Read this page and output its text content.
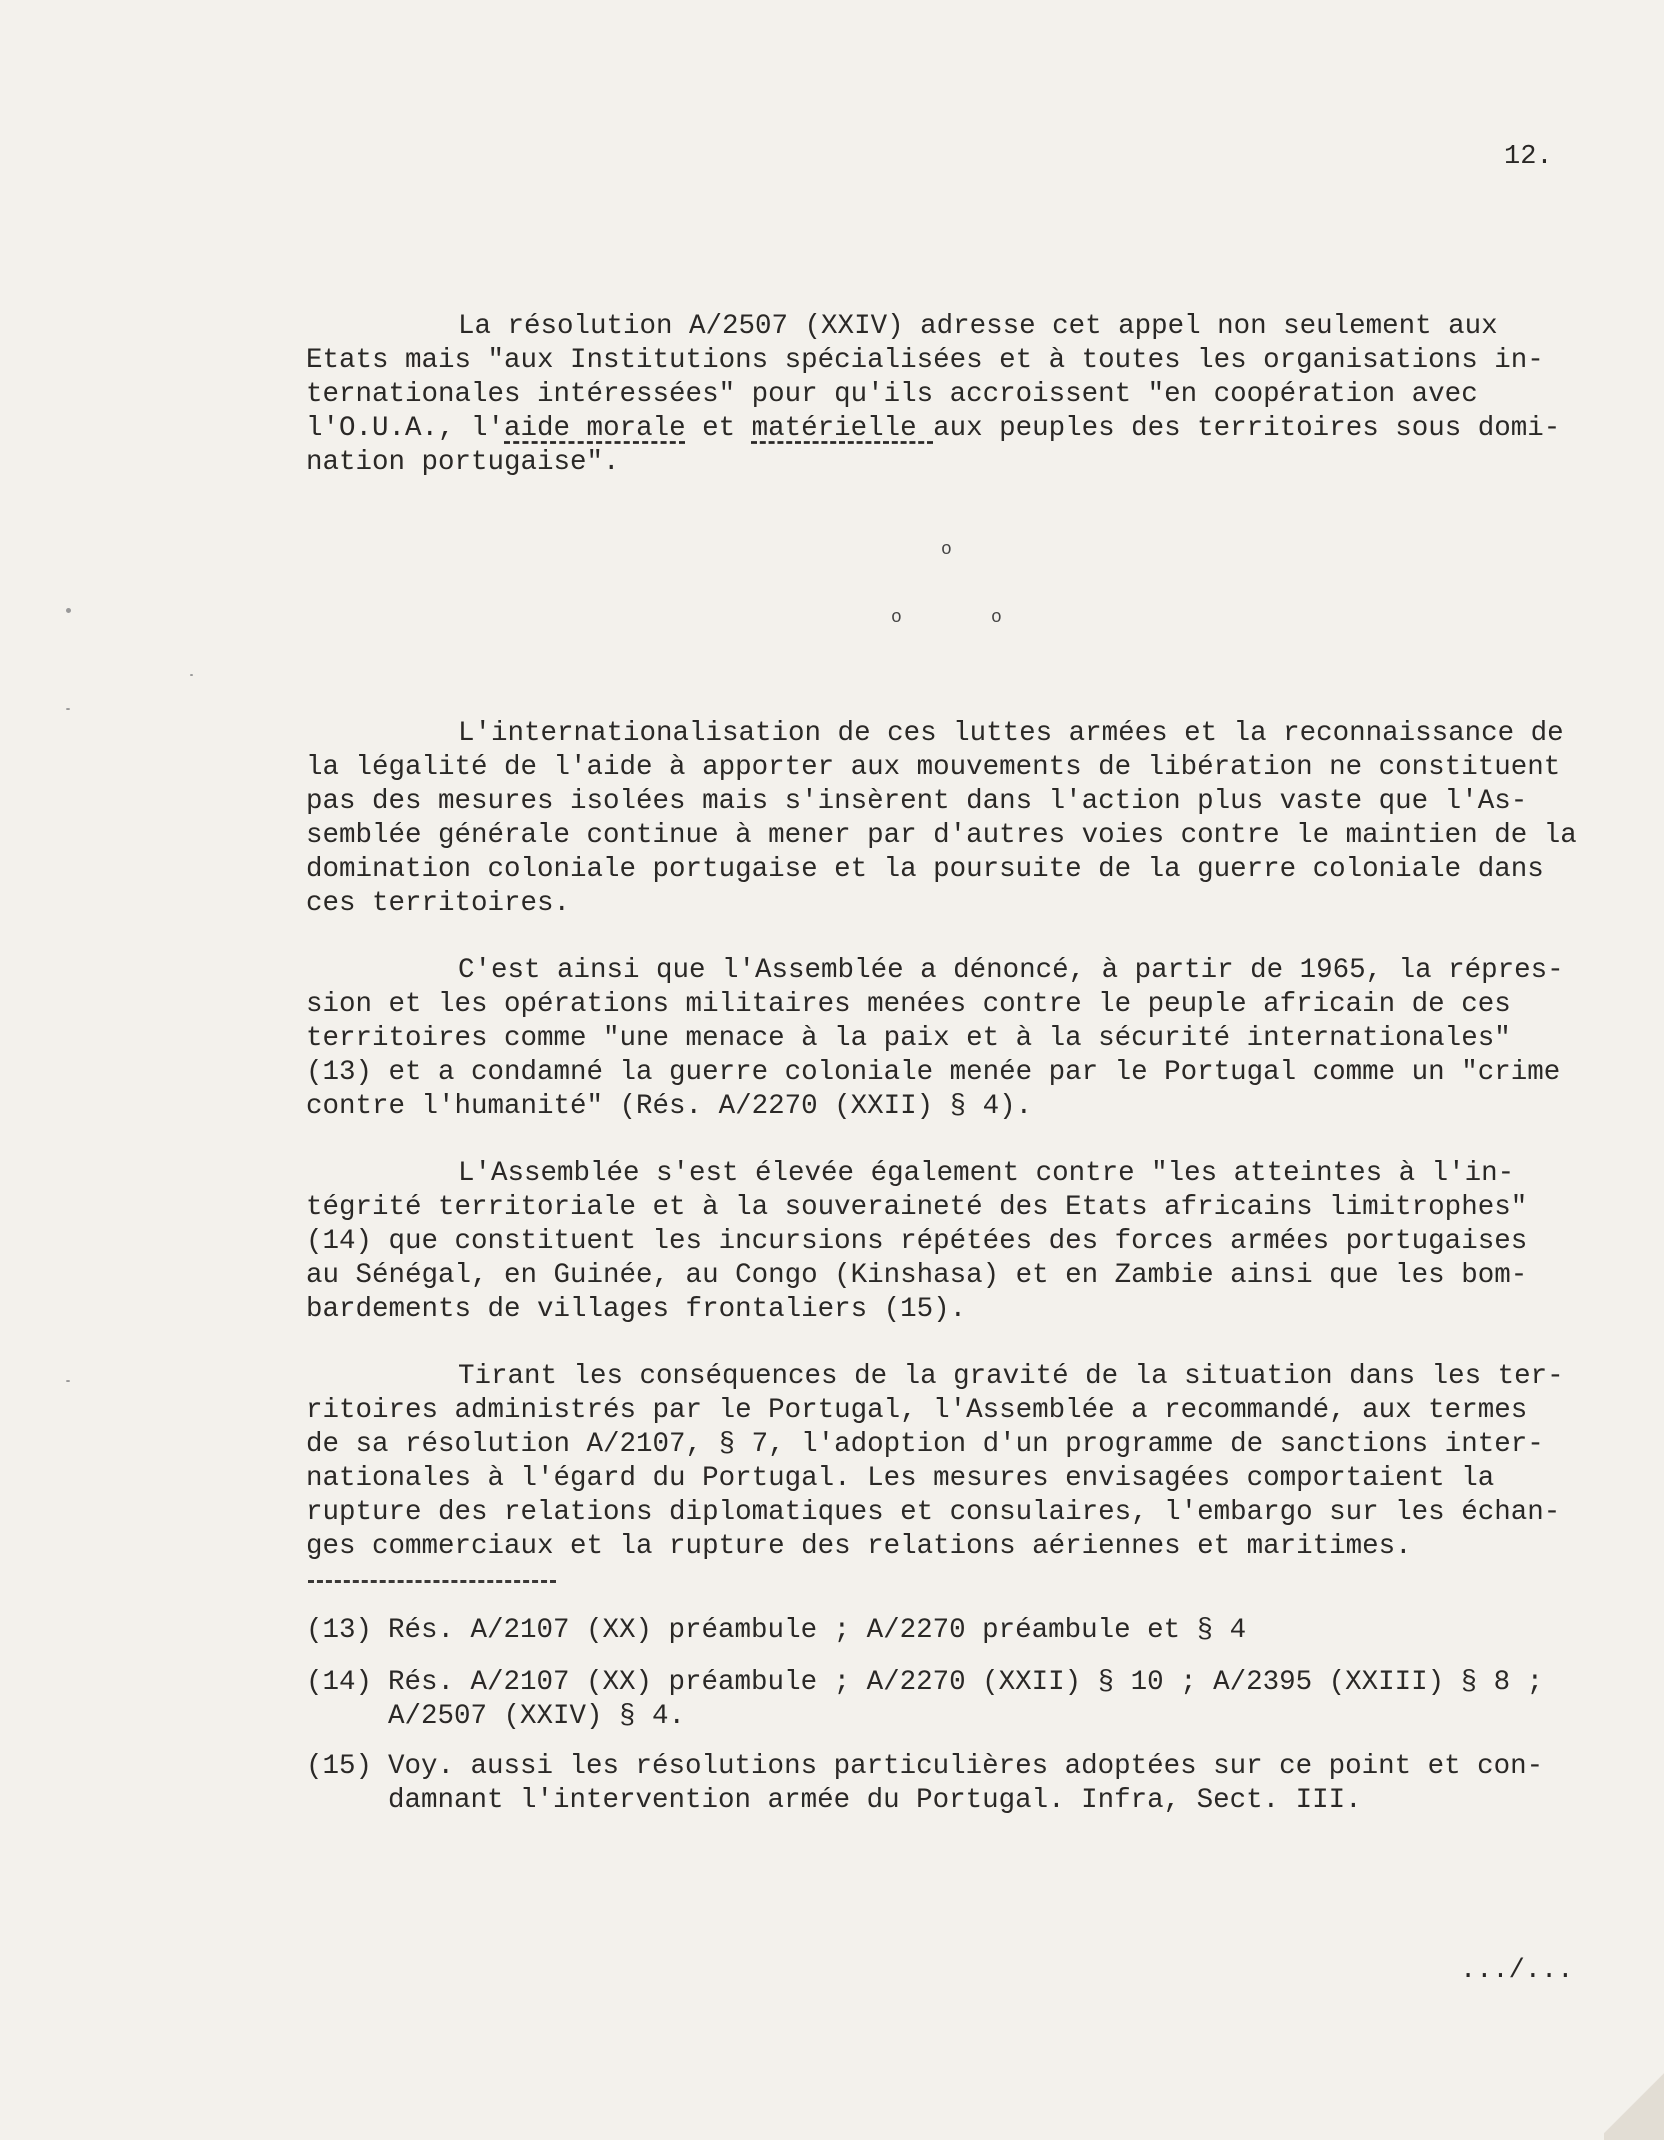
12.
La résolution A/2507 (XXIV) adresse cet appel non seulement aux
Etats mais "aux Institutions spécialisées et à toutes les organisations in-
ternationales intéressées" pour qu'ils accroissent "en coopération avec
l'O.U.A., l'aide morale et matérielle aux peuples des territoires sous domi-
nation portugaise".
o
o	o
L'internationalisation de ces luttes armées et la reconnaissance de
la légalité de l'aide à apporter aux mouvements de libération ne constituent
pas des mesures isolées mais s'insèrent dans l'action plus vaste que l'As-
semblée générale continue à mener par d'autres voies contre le maintien de la
domination coloniale portugaise et la poursuite de la guerre coloniale dans
ces territoires.
C'est ainsi que l'Assemblée a dénoncé, à partir de 1965, la répres-
sion et les opérations militaires menées contre le peuple africain de ces
territoires comme "une menace à la paix et à la sécurité internationales"
(13) et a condamné la guerre coloniale menée par le Portugal comme un "crime
contre l'humanité" (Rés. A/2270 (XXII) § 4).
L'Assemblée s'est élevée également contre "les atteintes à l'in-
tégrité territoriale et à la souveraineté des Etats africains limitrophes"
(14) que constituent les incursions répétées des forces armées portugaises
au Sénégal, en Guinée, au Congo (Kinshasa) et en Zambie ainsi que les bom-
bardements de villages frontaliers (15).
Tirant les conséquences de la gravité de la situation dans les ter-
ritoires administrés par le Portugal, l'Assemblée a recommandé, aux termes
de sa résolution A/2107, § 7, l'adoption d'un programme de sanctions inter-
nationales à l'égard du Portugal. Les mesures envisagées comportaient la
rupture des relations diplomatiques et consulaires, l'embargo sur les échan-
ges commerciaux et la rupture des relations aériennes et maritimes.
(13) Rés. A/2107 (XX) préambule ; A/2270 préambule et § 4
(14) Rés. A/2107 (XX) préambule ; A/2270 (XXII) § 10 ; A/2395 (XXIII) § 8 ;

A/2507 (XXIV) § 4.
(15) Voy. aussi les résolutions particulières adoptées sur ce point et con-

damnant l'intervention armée du Portugal. Infra, Sect. III.
.../...
